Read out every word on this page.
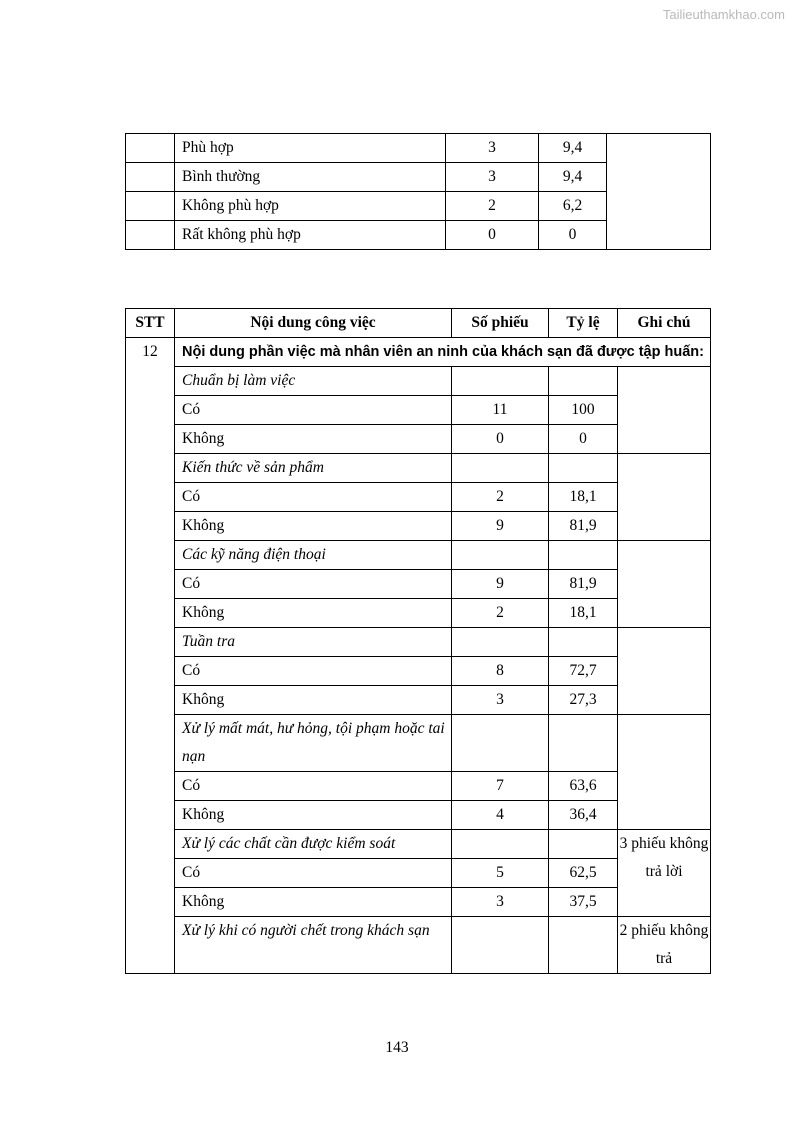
Tailieuthamkhao.com
	Phù hợp	3	9,4	
	Bình thường	3	9,4	
	Không phù hợp	2	6,2	
	Rất không phù hợp	0	0	
STT	Nội dung công việc	Số phiếu	Tỷ lệ	Ghi chú
12	Nội dung phần việc mà nhân viên an ninh của khách sạn đã được tập huấn:			
	Chuẩn bị làm việc			
	Có	11	100	
	Không	0	0	
	Kiến thức về sản phẩm			
	Có	2	18,1	
	Không	9	81,9	
	Các kỹ năng điện thoại			
	Có	9	81,9	
	Không	2	18,1	
	Tuần tra			
	Có	8	72,7	
	Không	3	27,3	
	Xử lý mất mát, hư hỏng, tội phạm hoặc tai nạn			
	Có	7	63,6	
	Không	4	36,4	
	Xử lý các chất cần được kiểm soát			3 phiếu không trả lời
	Có	5	62,5	
	Không	3	37,5	
	Xử lý khi có người chết trong khách sạn			2 phiếu không trả
143
